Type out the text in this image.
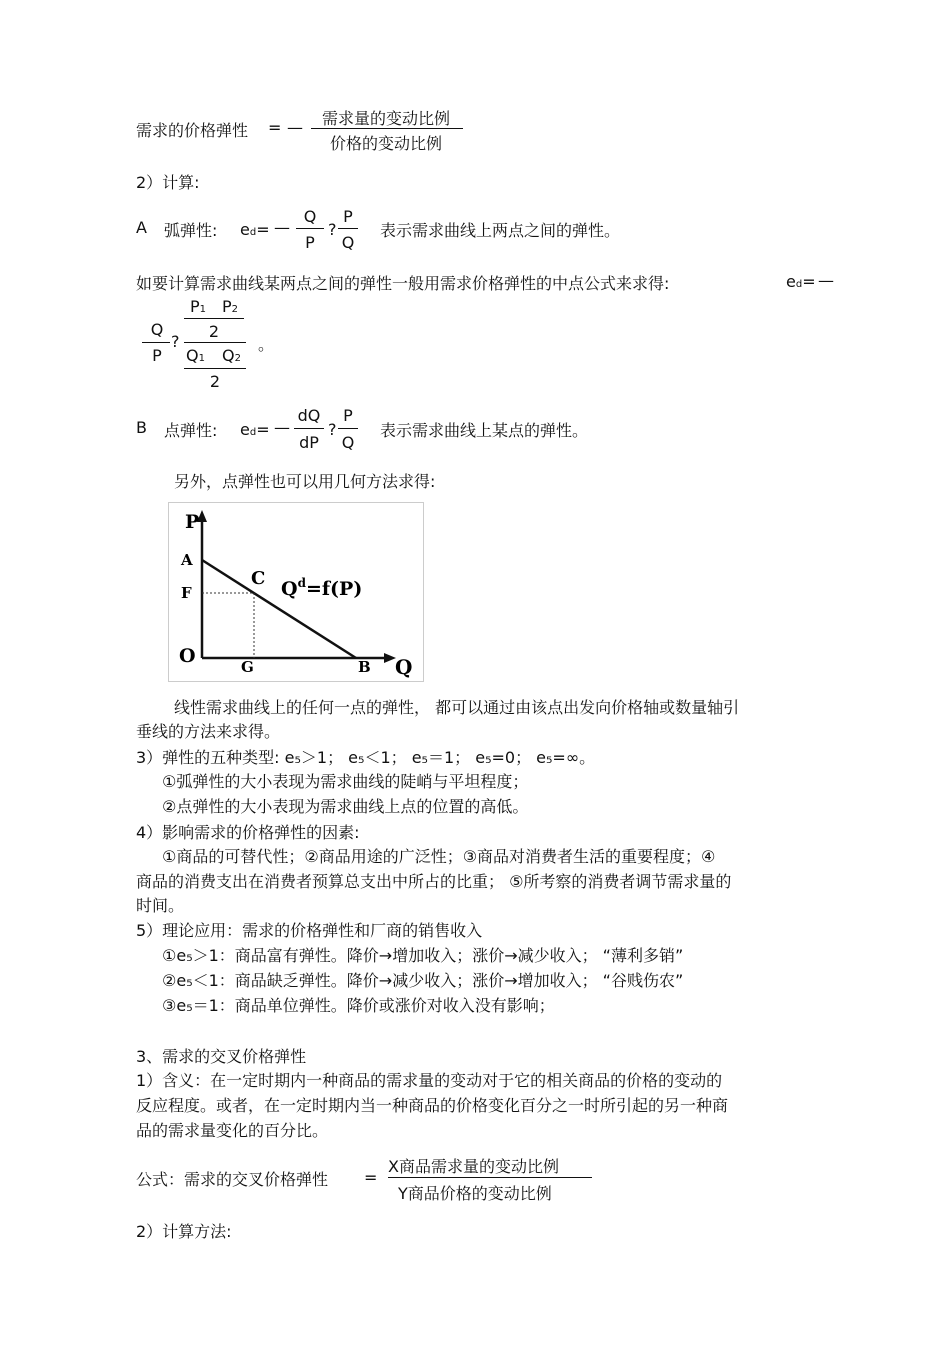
需求的价格弹性 = —	需求量的变动比例
价格的变动比例
2）计算:
A 弧弹性: ed= —
Q
P
?
P
Q
表示需求曲线上两点之间的弹性。
如要计算需求曲线某两点之间的弹性一般用需求价格弹性的中点公式来求得:	ed= —
Q
P
?
P1 P2
2
Q1 Q2
2
。
B 点弹性: ed= —
dQ
dP
?
P
Q
表示需求曲线上某点的弹性。
另外，点弹性也可以用几何方法求得:
P
A
F
O	G	B Q
C $Q^d=f(P)$
线性需求曲线上的任何一点的弹性， 都可以通过由该点出发向价格轴或数量轴引
垂线的方法来求得。
3）弹性的五种类型: e₅＞1； e₅＜1； e₅＝1； e₅=0； e₅=∞。
①弧弹性的大小表现为需求曲线的陡峭与平坦程度；
②点弹性的大小表现为需求曲线上点的位置的高低。
4）影响需求的价格弹性的因素:
①商品的可替代性；②商品用途的广泛性；③商品对消费者生活的重要程度；④
商品的消费支出在消费者预算总支出中所占的比重； ⑤所考察的消费者调节需求量的
时间。
5）理论应用：需求的价格弹性和厂商的销售收入
①e₅＞1：商品富有弹性。降价→增加收入；涨价→减少收入； “薄利多销”
②e₅＜1：商品缺乏弹性。降价→减少收入；涨价→增加收入； “谷贱伤农”
③e₅＝1：商品单位弹性。降价或涨价对收入没有影响；
3、需求的交叉价格弹性
1）含义：在一定时期内一种商品的需求量的变动对于它的相关商品的价格的变动的
反应程度。或者，在一定时期内当一种商品的价格变化百分之一时所引起的另一种商
品的需求量变化的百分比。
公式：需求的交叉价格弹性 =
X商品需求量的变动比例
Y商品价格的变动比例
2）计算方法:
